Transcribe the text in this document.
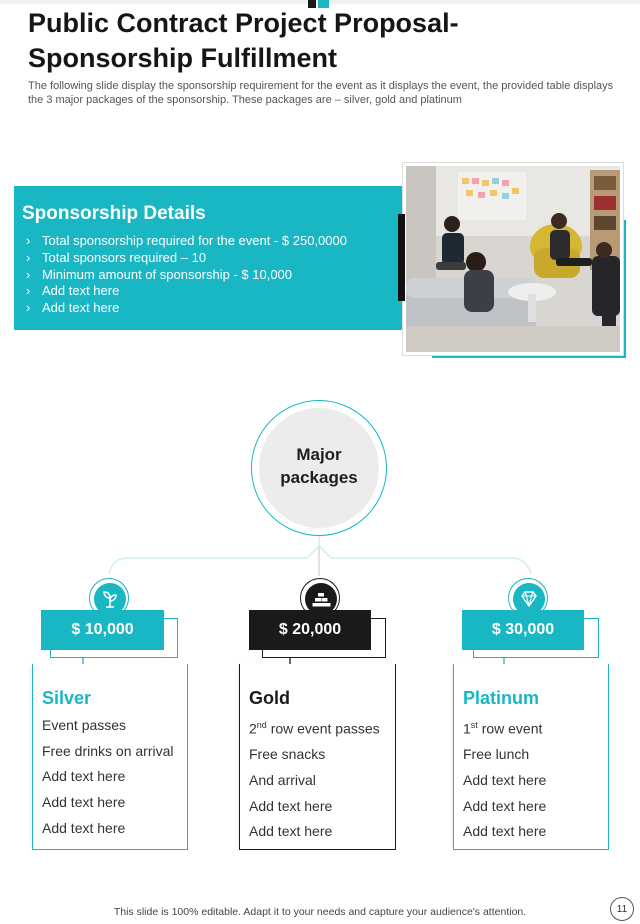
Public Contract Project Proposal- Sponsorship Fulfillment
The following slide display the sponsorship requirement for the event as it displays the event, the provided table displays the 3 major packages of the sponsorship. These packages are – silver, gold and platinum
Sponsorship Details
› Total sponsorship required for the event - $ 250,0000
› Total sponsors required – 10
› Minimum amount of sponsorship - $ 10,000
› Add text here
› Add text here
Major
packages
$ 10,000
Silver
Event passes
Free drinks on arrival
Add text here
Add text here
Add text here
$ 20,000
Gold
2nd row event passes
Free snacks
And arrival
Add text here
Add text here
$ 30,000
Platinum
1st row event
Free lunch
Add text here
Add text here
Add text here
This slide is 100% editable. Adapt it to your needs and capture your audience's attention.	11
